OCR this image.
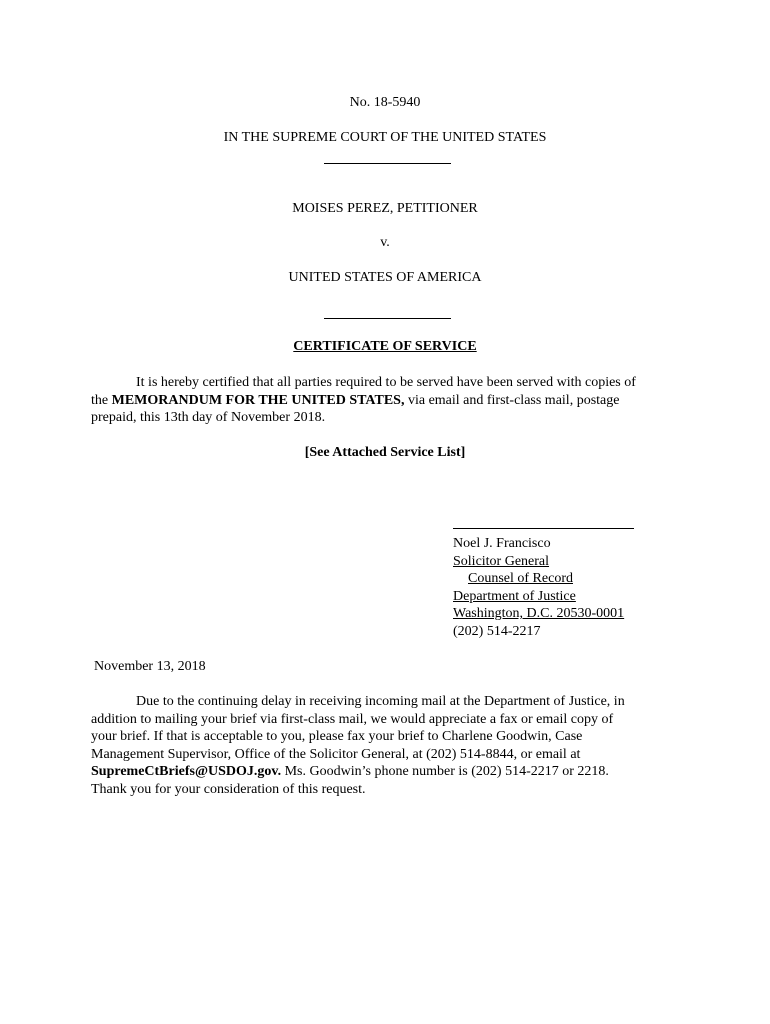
No. 18-5940

IN THE SUPREME COURT OF THE UNITED STATES

MOISES PEREZ, PETITIONER

v.

UNITED STATES OF AMERICA

CERTIFICATE OF SERVICE

It is hereby certified that all parties required to be served have been served with copies of
the MEMORANDUM FOR THE UNITED STATES, via email and first-class mail, postage
prepaid, this 13th day of November 2018.

[See Attached Service List]

Noel J. Francisco
Solicitor General
Counsel of Record
Department of Justice
Washington, D.C. 20530-0001
(202) 514-2217

November 13, 2018

Due to the continuing delay in receiving incoming mail at the Department of Justice, in
addition to mailing your brief via first-class mail, we would appreciate a fax or email copy of
your brief. If that is acceptable to you, please fax your brief to Charlene Goodwin, Case
Management Supervisor, Office of the Solicitor General, at (202) 514-8844, or email at
SupremeCtBriefs@USDOJ.gov. Ms. Goodwin’s phone number is (202) 514-2217 or 2218.
Thank you for your consideration of this request.
